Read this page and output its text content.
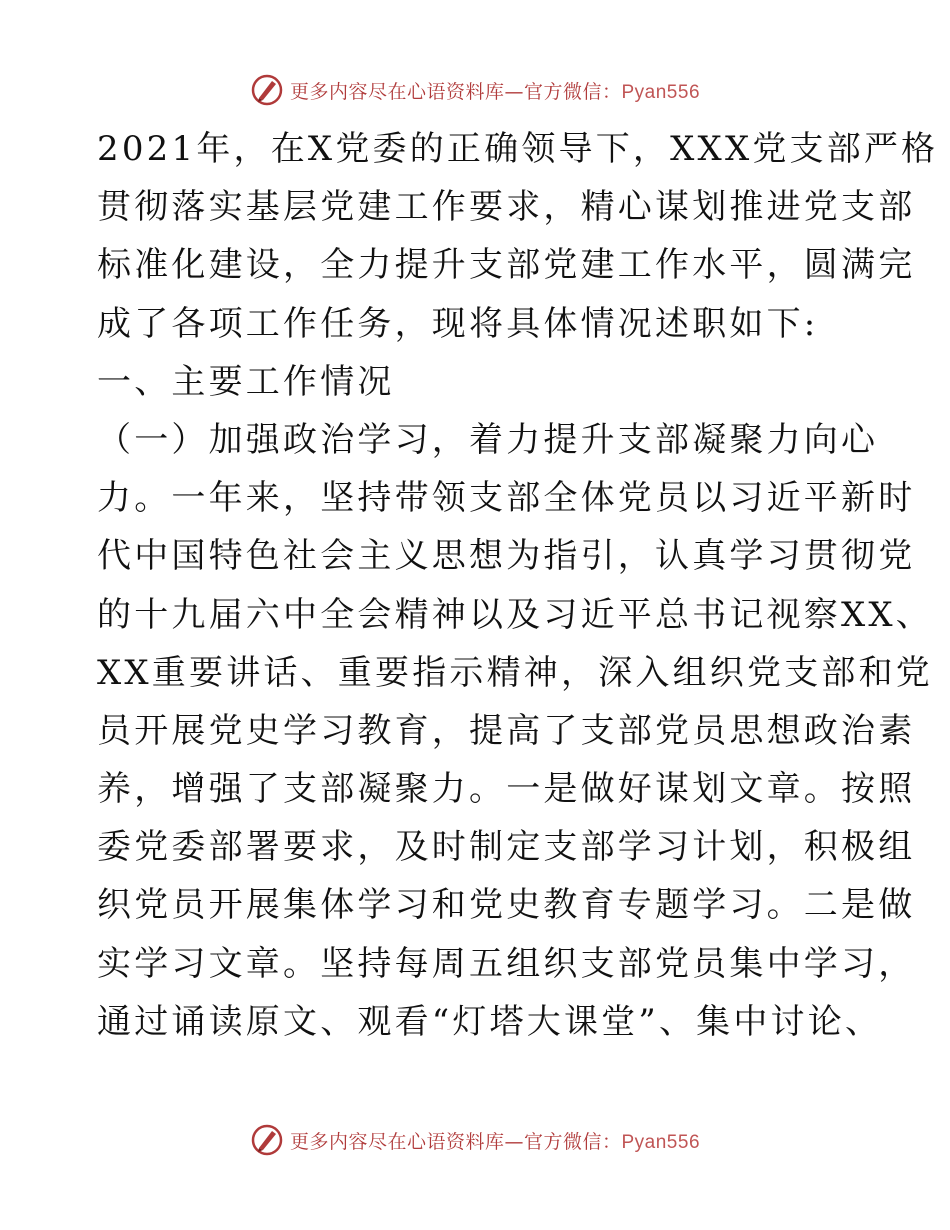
更多内容尽在心语资料库—官方微信：Pyan556
2021年，在X党委的正确领导下，XXX党支部严格
贯彻落实基层党建工作要求，精心谋划推进党支部
标准化建设，全力提升支部党建工作水平，圆满完
成了各项工作任务，现将具体情况述职如下:
一、主要工作情况
（一）加强政治学习，着力提升支部凝聚力向心
力。一年来，坚持带领支部全体党员以习近平新时
代中国特色社会主义思想为指引，认真学习贯彻党
的十九届六中全会精神以及习近平总书记视察XX、
XX重要讲话、重要指示精神，深入组织党支部和党
员开展党史学习教育，提高了支部党员思想政治素
养，增强了支部凝聚力。一是做好谋划文章。按照
委党委部署要求，及时制定支部学习计划，积极组
织党员开展集体学习和党史教育专题学习。二是做
实学习文章。坚持每周五组织支部党员集中学习，
通过诵读原文、观看“灯塔大课堂”、集中讨论、
更多内容尽在心语资料库—官方微信：Pyan556
